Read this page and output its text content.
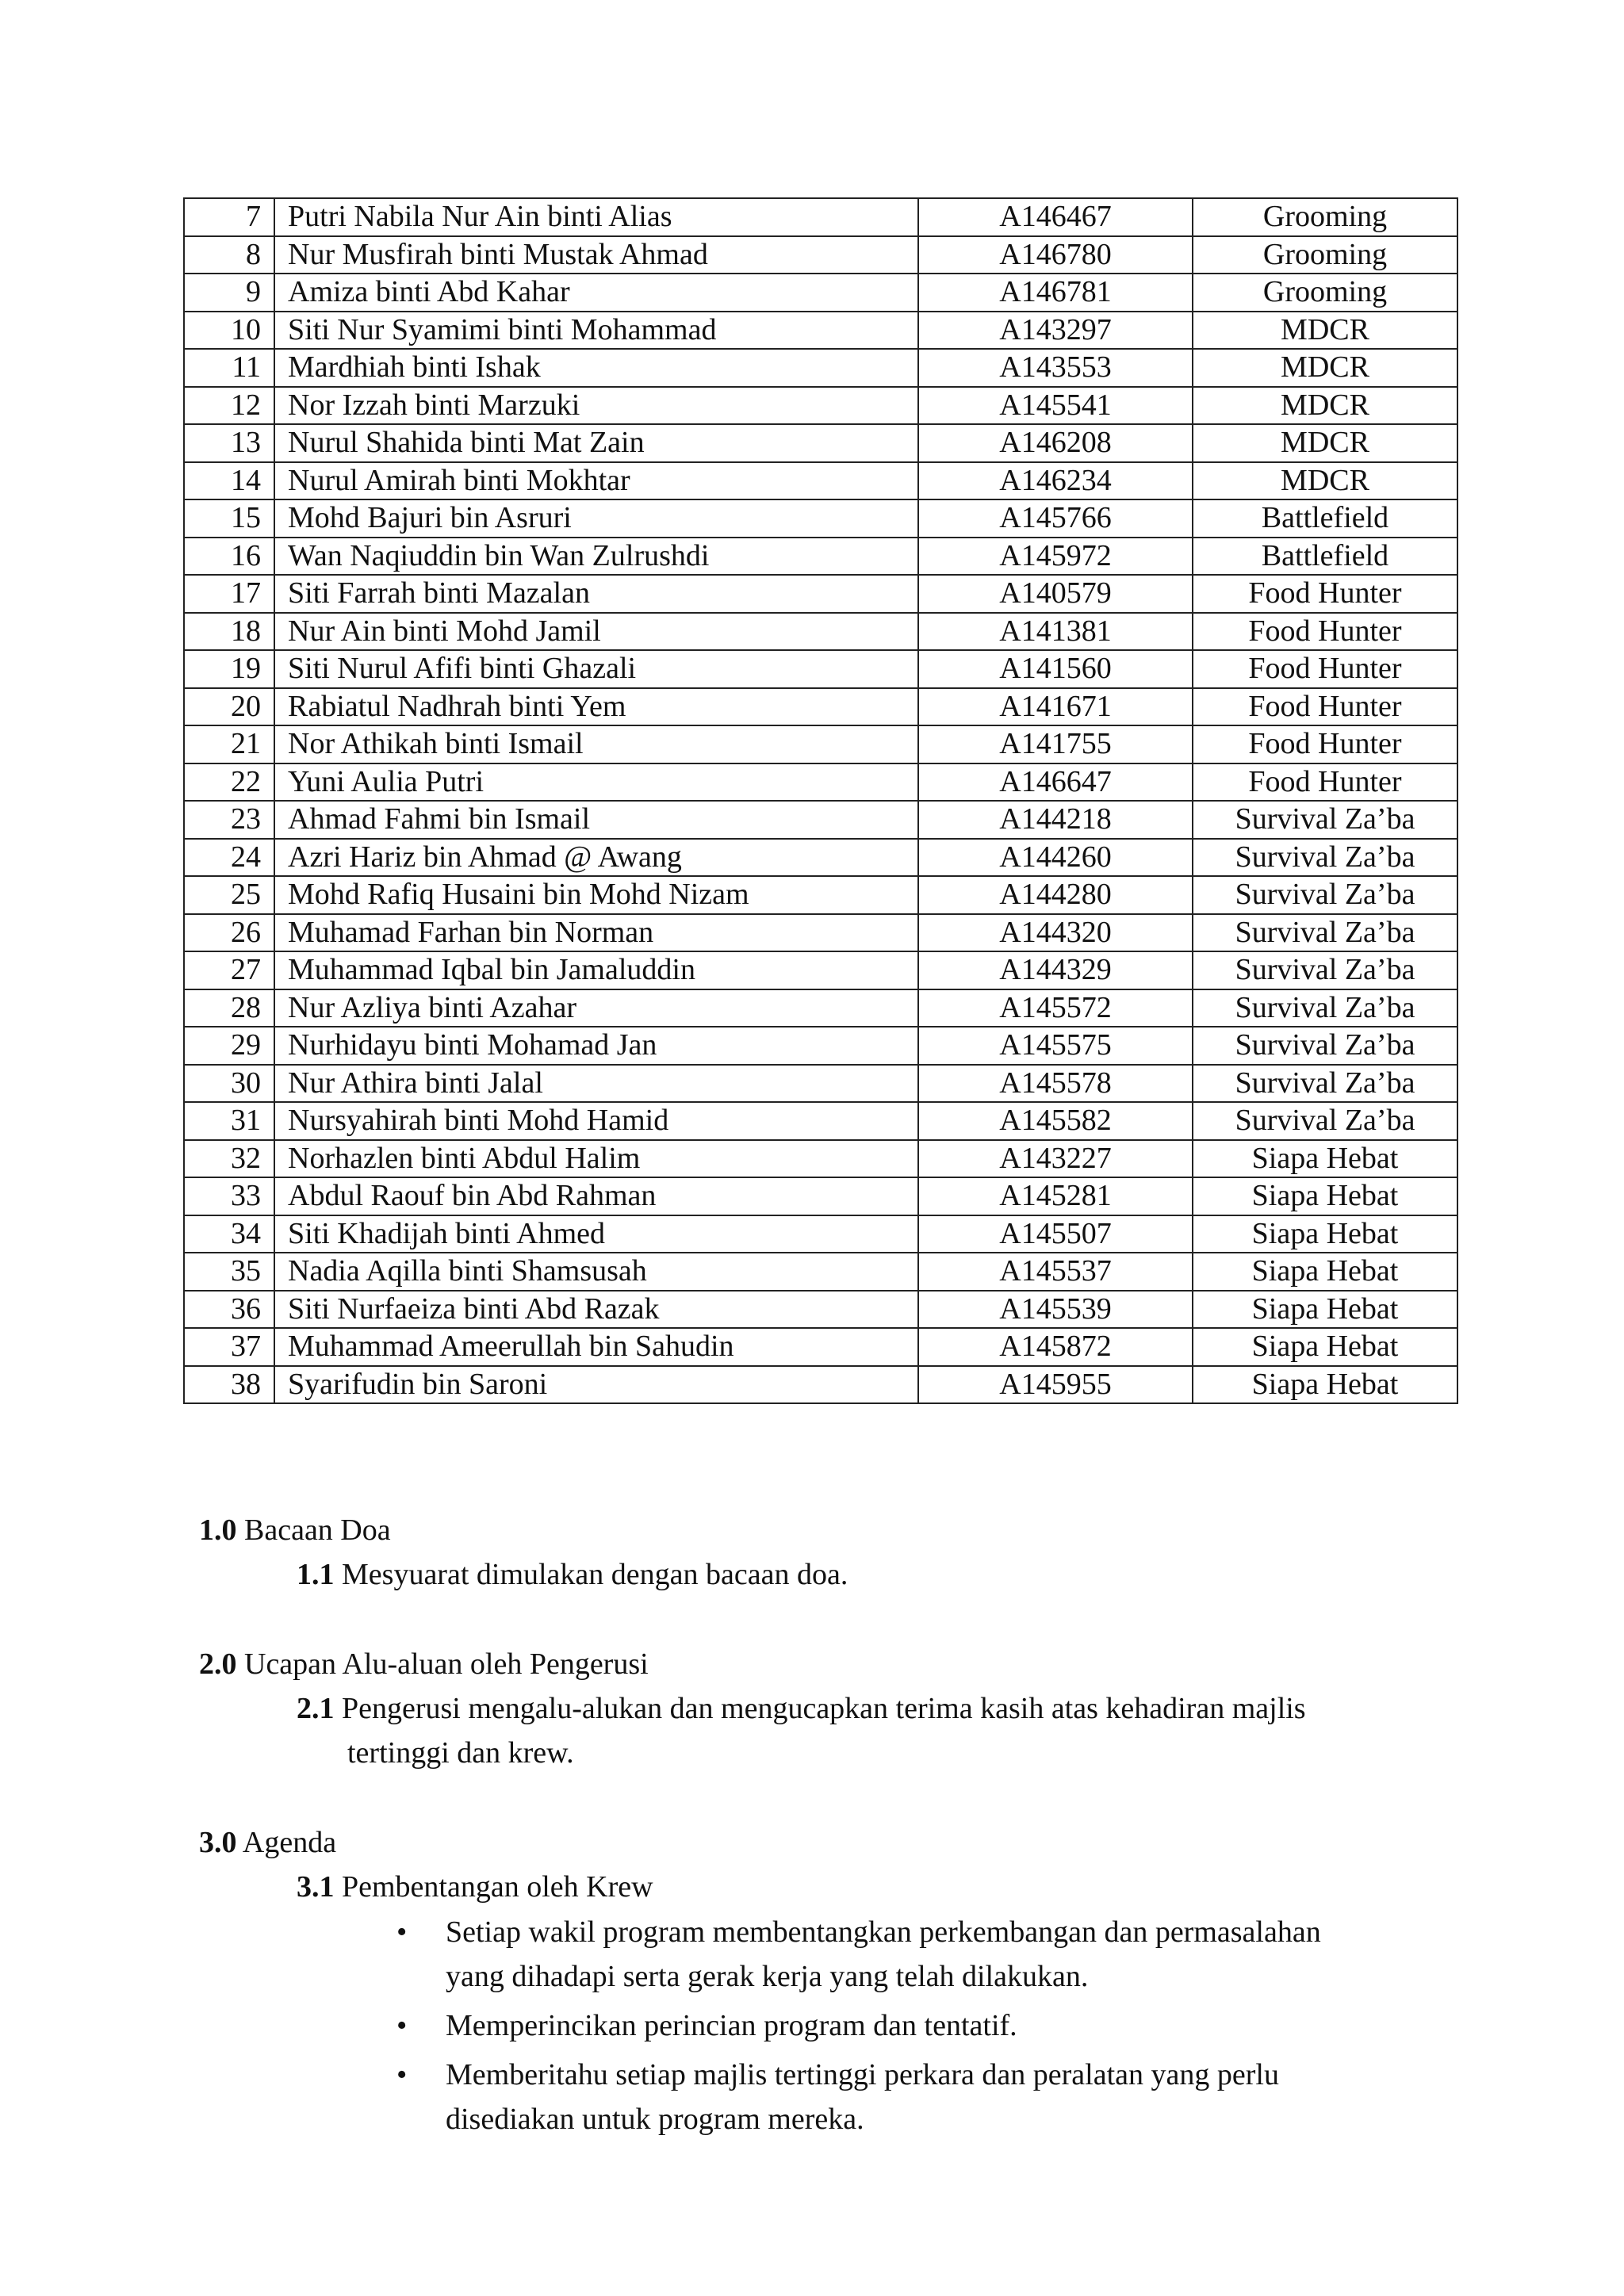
7	Putri Nabila Nur Ain binti Alias	A146467	Grooming
8	Nur Musfirah binti Mustak Ahmad	A146780	Grooming
9	Amiza binti Abd Kahar	A146781	Grooming
10	Siti Nur Syamimi binti Mohammad	A143297	MDCR
11	Mardhiah binti Ishak	A143553	MDCR
12	Nor Izzah binti Marzuki	A145541	MDCR
13	Nurul Shahida binti Mat Zain	A146208	MDCR
14	Nurul Amirah binti Mokhtar	A146234	MDCR
15	Mohd Bajuri bin Asruri	A145766	Battlefield
16	Wan Naqiuddin bin Wan Zulrushdi	A145972	Battlefield
17	Siti Farrah binti Mazalan	A140579	Food Hunter
18	Nur Ain binti Mohd Jamil	A141381	Food Hunter
19	Siti Nurul Afifi binti Ghazali	A141560	Food Hunter
20	Rabiatul Nadhrah binti Yem	A141671	Food Hunter
21	Nor Athikah binti Ismail	A141755	Food Hunter
22	Yuni Aulia Putri	A146647	Food Hunter
23	Ahmad Fahmi bin Ismail	A144218	Survival Za’ba
24	Azri Hariz bin Ahmad @ Awang	A144260	Survival Za’ba
25	Mohd Rafiq Husaini bin Mohd Nizam	A144280	Survival Za’ba
26	Muhamad Farhan bin Norman	A144320	Survival Za’ba
27	Muhammad Iqbal bin Jamaluddin	A144329	Survival Za’ba
28	Nur Azliya binti Azahar	A145572	Survival Za’ba
29	Nurhidayu binti Mohamad Jan	A145575	Survival Za’ba
30	Nur Athira binti Jalal	A145578	Survival Za’ba
31	Nursyahirah binti Mohd Hamid	A145582	Survival Za’ba
32	Norhazlen binti Abdul Halim	A143227	Siapa Hebat
33	Abdul Raouf bin Abd Rahman	A145281	Siapa Hebat
34	Siti Khadijah binti Ahmed	A145507	Siapa Hebat
35	Nadia Aqilla binti Shamsusah	A145537	Siapa Hebat
36	Siti Nurfaeiza binti Abd Razak	A145539	Siapa Hebat
37	Muhammad Ameerullah bin Sahudin	A145872	Siapa Hebat
38	Syarifudin bin Saroni	A145955	Siapa Hebat
1.0 Bacaan Doa
1.1 Mesyuarat dimulakan dengan bacaan doa.
2.0 Ucapan Alu-aluan oleh Pengerusi
2.1 Pengerusi mengalu-alukan dan mengucapkan terima kasih atas kehadiran majlis
tertinggi dan krew.
3.0 Agenda
3.1 Pembentangan oleh Krew
• Setiap wakil program membentangkan perkembangan dan permasalahan
yang dihadapi serta gerak kerja yang telah dilakukan.
• Memperincikan perincian program dan tentatif.
• Memberitahu setiap majlis tertinggi perkara dan peralatan yang perlu
disediakan untuk program mereka.
